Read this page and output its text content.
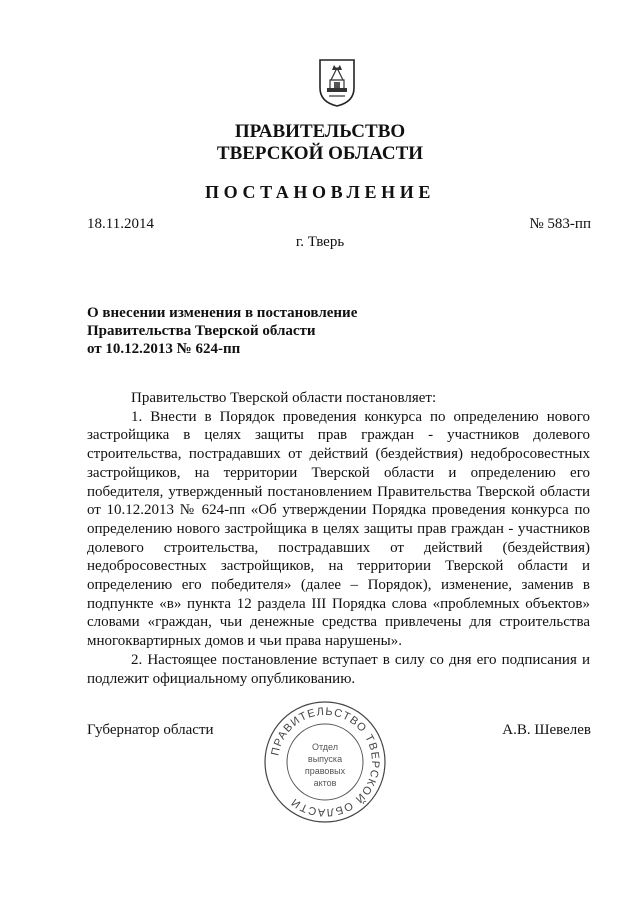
ПРАВИТЕЛЬСТВО
ТВЕРСКОЙ ОБЛАСТИ
ПОСТАНОВЛЕНИЕ
18.11.2014	№ 583-пп
г. Тверь
О внесении изменения в постановление
Правительства Тверской области
от 10.12.2013 № 624-пп

Правительство Тверской области постановляет:

1. Внести в Порядок проведения конкурса по определению нового застройщика в целях защиты прав граждан - участников долевого строительства, пострадавших от действий (бездействия) недобросовестных застройщиков, на территории Тверской области и определению его победителя, утвержденный постановлением Правительства Тверской области от 10.12.2013 № 624-пп «Об утверждении Порядка проведения конкурса по определению нового застройщика в целях защиты прав граждан - участников долевого строительства, пострадавших от действий (бездействия) недобросовестных застройщиков, на территории Тверской области и определению его победителя» (далее – Порядок), изменение, заменив в подпункте «в» пункта 12 раздела III Порядка слова «проблемных объектов» словами «граждан, чьи денежные средства привлечены для строительства многоквартирных домов и чьи права нарушены».

2. Настоящее постановление вступает в силу со дня его подписания и подлежит официальному опубликованию.

Губернатор области	А.В. Шевелев
ПРАВИТЕЛЬСТВО ТВЕРСКОЙ ОБЛАСТИ
Отдел
выпуска
правовых
актов
